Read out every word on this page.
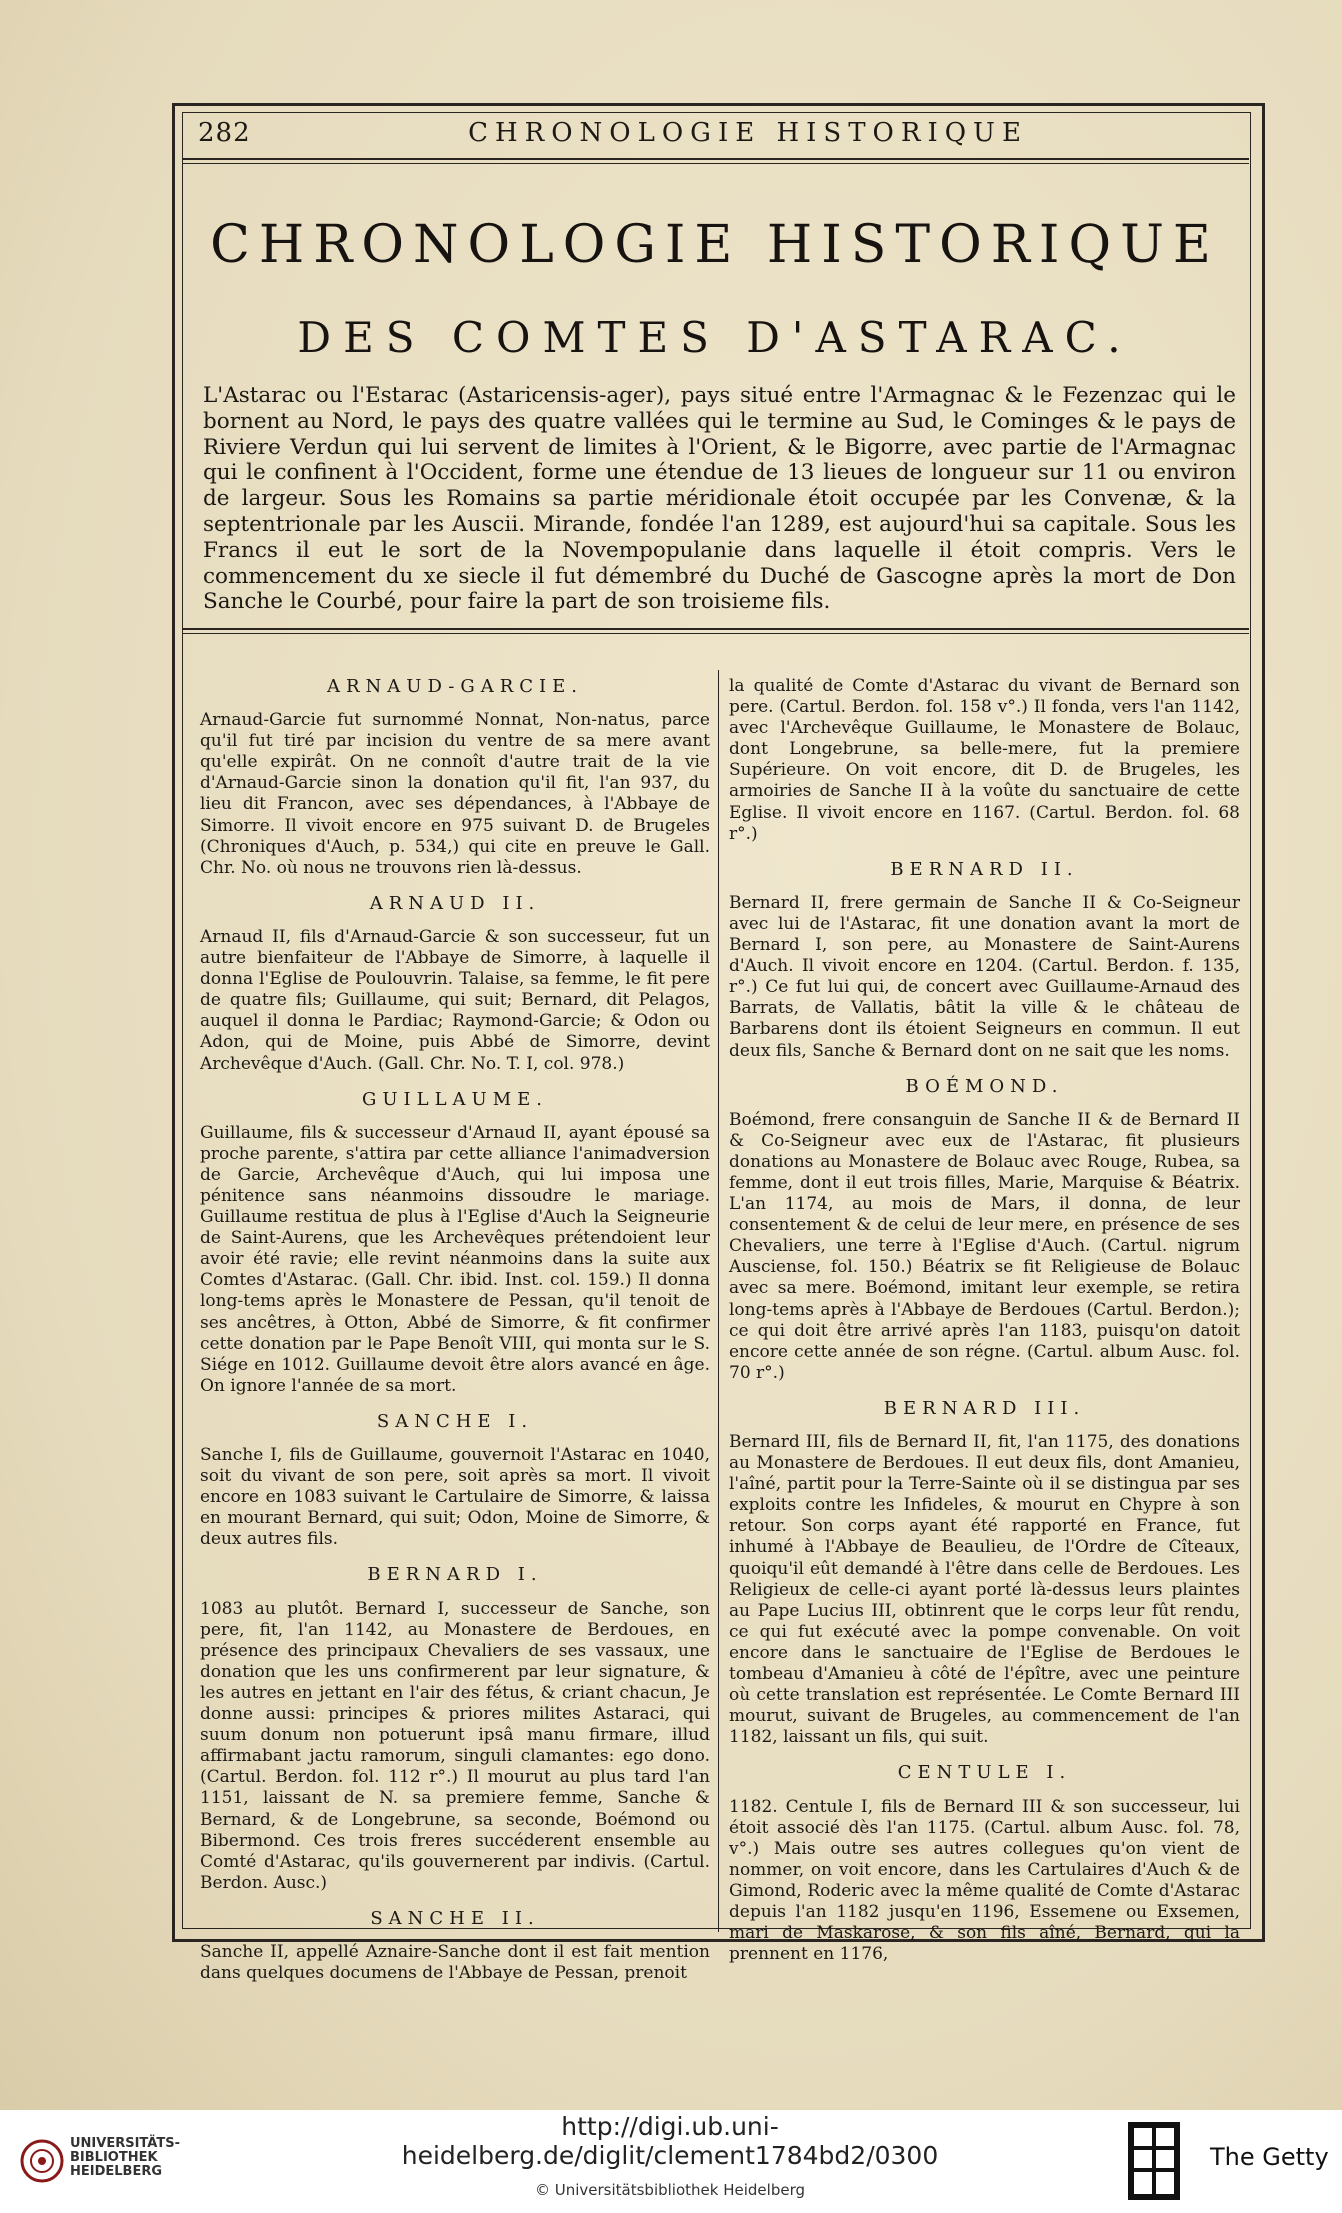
282	CHRONOLOGIE HISTORIQUE
CHRONOLOGIE HISTORIQUE
DES COMTES D'ASTARAC.

L'Astarac ou l'Estarac (Astaricensis-ager), pays situé entre l'Armagnac & le Fezenzac qui le bornent au Nord, le pays des quatre vallées qui le termine au Sud, le Cominges & le pays de Riviere Verdun qui lui servent de limites à l'Orient, & le Bigorre, avec partie de l'Armagnac qui le confinent à l'Occident, forme une étendue de 13 lieues de longueur sur 11 ou environ de largeur. Sous les Romains sa partie méridionale étoit occupée par les Convenæ, & la septentrionale par les Auscii. Mirande, fondée l'an 1289, est aujourd'hui sa capitale. Sous les Francs il eut le sort de la Novempopulanie dans laquelle il étoit compris. Vers le commencement du xe siecle il fut démembré du Duché de Gascogne après la mort de Don Sanche le Courbé, pour faire la part de son troisieme fils.

ARNAUD-GARCIE.

Arnaud-Garcie fut surnommé Nonnat, Non-natus, parce qu'il fut tiré par incision du ventre de sa mere avant qu'elle expirât. On ne connoît d'autre trait de la vie d'Arnaud-Garcie sinon la donation qu'il fit, l'an 937, du lieu dit Francon, avec ses dépendances, à l'Abbaye de Simorre. Il vivoit encore en 975 suivant D. de Brugeles (Chroniques d'Auch, p. 534,) qui cite en preuve le Gall. Chr. No. où nous ne trouvons rien là-dessus.

ARNAUD II.

Arnaud II, fils d'Arnaud-Garcie & son successeur, fut un autre bienfaiteur de l'Abbaye de Simorre, à laquelle il donna l'Eglise de Poulouvrin. Talaise, sa femme, le fit pere de quatre fils; Guillaume, qui suit; Bernard, dit Pelagos, auquel il donna le Pardiac; Raymond-Garcie; & Odon ou Adon, qui de Moine, puis Abbé de Simorre, devint Archevêque d'Auch. (Gall. Chr. No. T. I, col. 978.)

GUILLAUME.

Guillaume, fils & successeur d'Arnaud II, ayant épousé sa proche parente, s'attira par cette alliance l'animadversion de Garcie, Archevêque d'Auch, qui lui imposa une pénitence sans néanmoins dissoudre le mariage. Guillaume restitua de plus à l'Eglise d'Auch la Seigneurie de Saint-Aurens, que les Archevêques prétendoient leur avoir été ravie; elle revint néanmoins dans la suite aux Comtes d'Astarac. (Gall. Chr. ibid. Inst. col. 159.) Il donna long-tems après le Monastere de Pessan, qu'il tenoit de ses ancêtres, à Otton, Abbé de Simorre, & fit confirmer cette donation par le Pape Benoît VIII, qui monta sur le S. Siége en 1012. Guillaume devoit être alors avancé en âge. On ignore l'année de sa mort.

SANCHE I.

Sanche I, fils de Guillaume, gouvernoit l'Astarac en 1040, soit du vivant de son pere, soit après sa mort. Il vivoit encore en 1083 suivant le Cartulaire de Simorre, & laissa en mourant Bernard, qui suit; Odon, Moine de Simorre, & deux autres fils.

BERNARD I.

1083 au plutôt. Bernard I, successeur de Sanche, son pere, fit, l'an 1142, au Monastere de Berdoues, en présence des principaux Chevaliers de ses vassaux, une donation que les uns confirmerent par leur signature, & les autres en jettant en l'air des fétus, & criant chacun, Je donne aussi: principes & priores milites Astaraci, qui suum donum non potuerunt ipsâ manu firmare, illud affirmabant jactu ramorum, singuli clamantes: ego dono. (Cartul. Berdon. fol. 112 r°.) Il mourut au plus tard l'an 1151, laissant de N. sa premiere femme, Sanche & Bernard, & de Longebrune, sa seconde, Boémond ou Bibermond. Ces trois freres succéderent ensemble au Comté d'Astarac, qu'ils gouvernerent par indivis. (Cartul. Berdon. Ausc.)

SANCHE II.

Sanche II, appellé Aznaire-Sanche dont il est fait mention dans quelques documens de l'Abbaye de Pessan, prenoit

la qualité de Comte d'Astarac du vivant de Bernard son pere. (Cartul. Berdon. fol. 158 v°.) Il fonda, vers l'an 1142, avec l'Archevêque Guillaume, le Monastere de Bolauc, dont Longebrune, sa belle-mere, fut la premiere Supérieure. On voit encore, dit D. de Brugeles, les armoiries de Sanche II à la voûte du sanctuaire de cette Eglise. Il vivoit encore en 1167. (Cartul. Berdon. fol. 68 r°.)

BERNARD II.

Bernard II, frere germain de Sanche II & Co-Seigneur avec lui de l'Astarac, fit une donation avant la mort de Bernard I, son pere, au Monastere de Saint-Aurens d'Auch. Il vivoit encore en 1204. (Cartul. Berdon. f. 135, r°.) Ce fut lui qui, de concert avec Guillaume-Arnaud des Barrats, de Vallatis, bâtit la ville & le château de Barbarens dont ils étoient Seigneurs en commun. Il eut deux fils, Sanche & Bernard dont on ne sait que les noms.

BOÉMOND.

Boémond, frere consanguin de Sanche II & de Bernard II & Co-Seigneur avec eux de l'Astarac, fit plusieurs donations au Monastere de Bolauc avec Rouge, Rubea, sa femme, dont il eut trois filles, Marie, Marquise & Béatrix. L'an 1174, au mois de Mars, il donna, de leur consentement & de celui de leur mere, en présence de ses Chevaliers, une terre à l'Eglise d'Auch. (Cartul. nigrum Ausciense, fol. 150.) Béatrix se fit Religieuse de Bolauc avec sa mere. Boémond, imitant leur exemple, se retira long-tems après à l'Abbaye de Berdoues (Cartul. Berdon.); ce qui doit être arrivé après l'an 1183, puisqu'on datoit encore cette année de son régne. (Cartul. album Ausc. fol. 70 r°.)

BERNARD III.

Bernard III, fils de Bernard II, fit, l'an 1175, des donations au Monastere de Berdoues. Il eut deux fils, dont Amanieu, l'aîné, partit pour la Terre-Sainte où il se distingua par ses exploits contre les Infideles, & mourut en Chypre à son retour. Son corps ayant été rapporté en France, fut inhumé à l'Abbaye de Beaulieu, de l'Ordre de Cîteaux, quoiqu'il eût demandé à l'être dans celle de Berdoues. Les Religieux de celle-ci ayant porté là-dessus leurs plaintes au Pape Lucius III, obtinrent que le corps leur fût rendu, ce qui fut exécuté avec la pompe convenable. On voit encore dans le sanctuaire de l'Eglise de Berdoues le tombeau d'Amanieu à côté de l'épître, avec une peinture où cette translation est représentée. Le Comte Bernard III mourut, suivant de Brugeles, au commencement de l'an 1182, laissant un fils, qui suit.

CENTULE I.

1182. Centule I, fils de Bernard III & son successeur, lui étoit associé dès l'an 1175. (Cartul. album Ausc. fol. 78, v°.) Mais outre ses autres collegues qu'on vient de nommer, on voit encore, dans les Cartulaires d'Auch & de Gimond, Roderic avec la même qualité de Comte d'Astarac depuis l'an 1182 jusqu'en 1196, Essemene ou Exsemen, mari de Maskarose, & son fils aîné, Bernard, qui la prennent en 1176,

UNIVERSITÄTS-BIBLIOTHEK HEIDELBERG
http://digi.ub.uni-heidelberg.de/diglit/clement1784bd2/0300
© Universitätsbibliothek Heidelberg
The Getty
